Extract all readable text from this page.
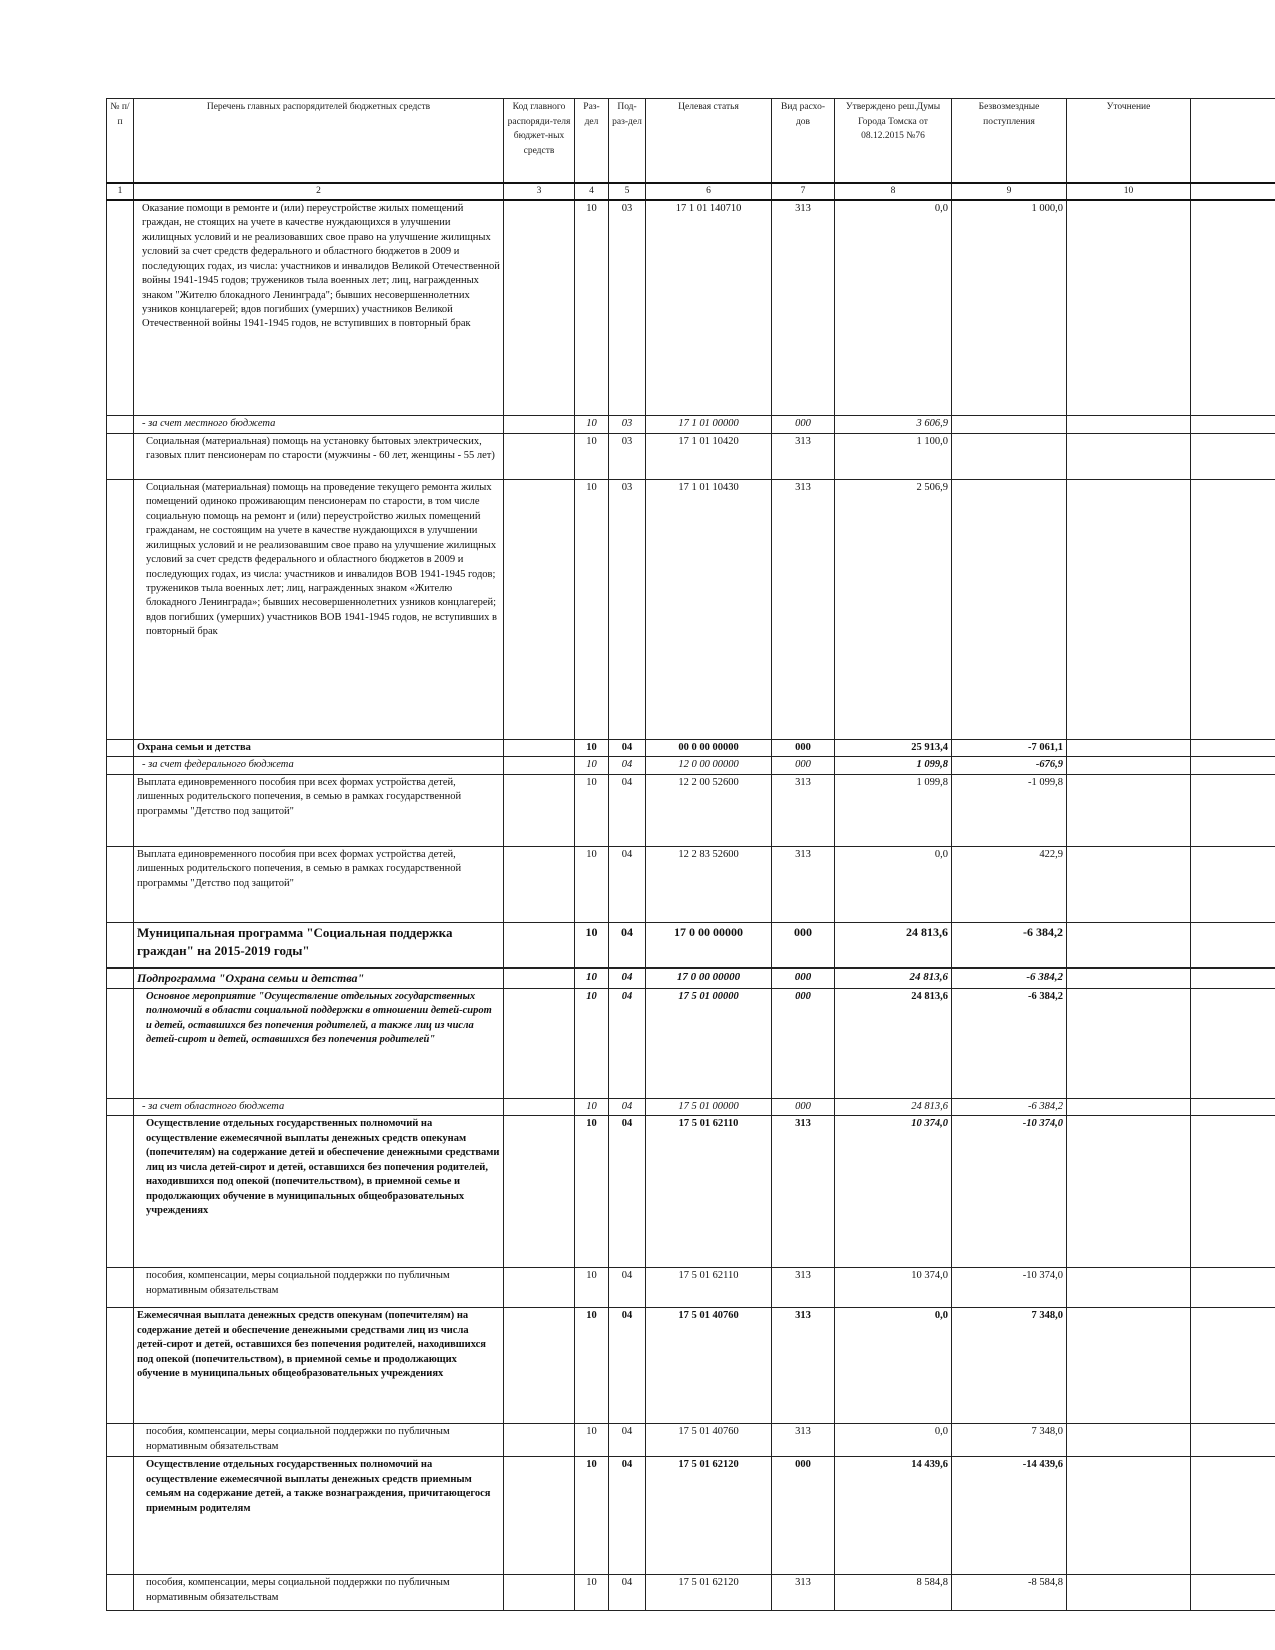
№ п/п	Перечень главных распорядителей бюджетных средств	Код главного распоряди-теля бюджет-ных средств	Раз-дел	Под-раз-дел	Целевая статья	Вид расхо-дов	Утверждено реш.Думы Города Томска от 08.12.2015 №76	Безвозмездные поступления	Уточнение	
1	2	3	4	5	6	7	8	9	10	
	Оказание помощи в ремонте и (или) переустройстве жилых помещений граждан, не стоящих на учете в качестве нуждающихся в улучшении жилищных условий и не реализовавших свое право на улучшение жилищных условий за счет средств федерального и областного бюджетов в 2009 и последующих годах, из числа: участников и инвалидов Великой Отечественной войны 1941-1945 годов; тружеников тыла военных лет; лиц, награжденных знаком "Жителю блокадного Ленинграда"; бывших несовершеннолетних узников концлагерей; вдов погибших (умерших) участников Великой Отечественной войны 1941-1945 годов, не вступивших в повторный брак		10	03	17 1 01 140710	313	0,0	1 000,0		
	- за счет местного бюджета		10	03	17 1 01 00000	000	3 606,9			
	Социальная (материальная) помощь на установку бытовых электрических, газовых плит пенсионерам по старости (мужчины - 60 лет, женщины - 55 лет)		10	03	17 1 01 10420	313	1 100,0			
	Социальная (материальная) помощь на проведение текущего ремонта жилых помещений одиноко проживающим пенсионерам по старости, в том числе социальную помощь на ремонт и (или) переустройство жилых помещений гражданам, не состоящим на учете в качестве нуждающихся в улучшении жилищных условий и не реализовавшим свое право на улучшение жилищных условий за счет средств федерального и областного бюджетов в 2009 и последующих годах, из числа: участников и инвалидов ВОВ 1941-1945 годов; тружеников тыла военных лет; лиц, награжденных знаком «Жителю блокадного Ленинграда»; бывших несовершеннолетних узников концлагерей; вдов погибших (умерших) участников ВОВ 1941-1945 годов, не вступивших в повторный брак		10	03	17 1 01 10430	313	2 506,9			
	Охрана семьи и детства		10	04	00 0 00 00000	000	25 913,4	-7 061,1		
	- за счет федерального бюджета		10	04	12 0 00 00000	000	1 099,8	-676,9		
	Выплата единовременного пособия при всех формах устройства детей, лишенных родительского попечения, в семью в рамках государственной программы "Детство под защитой"		10	04	12 2 00 52600	313	1 099,8	-1 099,8		
	Выплата единовременного пособия при всех формах устройства детей, лишенных родительского попечения, в семью в рамках государственной программы "Детство под защитой"		10	04	12 2 83 52600	313	0,0	422,9		
	Муниципальная программа "Социальная поддержка граждан" на 2015-2019 годы"		10	04	17 0 00 00000	000	24 813,6	-6 384,2		
	Подпрограмма "Охрана семьи и детства"		10	04	17 0 00 00000	000	24 813,6	-6 384,2		
	Основное мероприятие "Осуществление отдельных государственных полномочий в области социальной поддержки в отношении детей-сирот и детей, оставшихся без попечения родителей, а также лиц из числа детей-сирот и детей, оставшихся без попечения родителей"		10	04	17 5 01 00000	000	24 813,6	-6 384,2		
	- за счет областного бюджета		10	04	17 5 01 00000	000	24 813,6	-6 384,2		
	Осуществление отдельных государственных полномочий на осуществление ежемесячной выплаты денежных средств опекунам (попечителям) на содержание детей и обеспечение денежными средствами лиц из числа детей-сирот и детей, оставшихся без попечения родителей, находившихся под опекой (попечительством), в приемной семье и продолжающих обучение в муниципальных общеобразовательных учреждениях		10	04	17 5 01 62110	313	10 374,0	-10 374,0		
	пособия, компенсации, меры социальной поддержки по публичным нормативным обязательствам		10	04	17 5 01 62110	313	10 374,0	-10 374,0		
	Ежемесячная выплата денежных средств опекунам (попечителям) на содержание детей и обеспечение денежными средствами лиц из числа детей-сирот и детей, оставшихся без попечения родителей, находившихся под опекой (попечительством), в приемной семье и продолжающих обучение в муниципальных общеобразовательных учреждениях		10	04	17 5 01 40760	313	0,0	7 348,0		
	пособия, компенсации, меры социальной поддержки по публичным нормативным обязательствам		10	04	17 5 01 40760	313	0,0	7 348,0		
	Осуществление отдельных государственных полномочий на осуществление ежемесячной выплаты денежных средств приемным семьям на содержание детей, а также вознаграждения, причитающегося приемным родителям		10	04	17 5 01 62120	000	14 439,6	-14 439,6		
	пособия, компенсации, меры социальной поддержки по публичным нормативным обязательствам		10	04	17 5 01 62120	313	8 584,8	-8 584,8		
